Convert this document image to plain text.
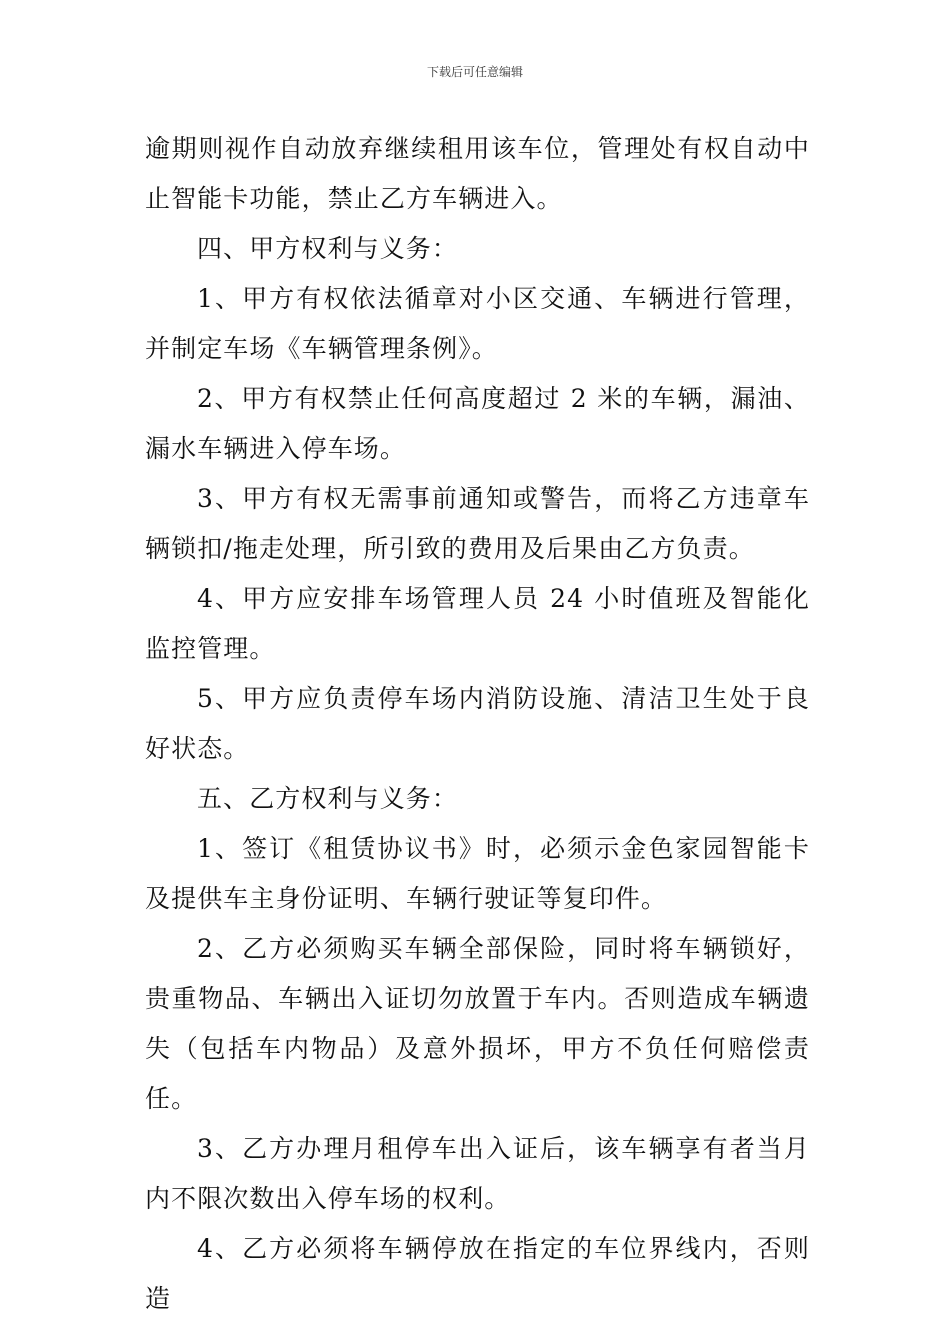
下载后可任意编辑

逾期则视作自动放弃继续租用该车位，管理处有权自动中止智能卡功能，禁止乙方车辆进入。

四、甲方权利与义务：

1、甲方有权依法循章对小区交通、车辆进行管理，并制定车场《车辆管理条例》。

2、甲方有权禁止任何高度超过 2 米的车辆，漏油、漏水车辆进入停车场。

3、甲方有权无需事前通知或警告，而将乙方违章车辆锁扣/拖走处理，所引致的费用及后果由乙方负责。

4、甲方应安排车场管理人员 24 小时值班及智能化监控管理。

5、甲方应负责停车场内消防设施、清洁卫生处于良好状态。

五、乙方权利与义务：

1、签订《租赁协议书》时，必须示金色家园智能卡及提供车主身份证明、车辆行驶证等复印件。

2、乙方必须购买车辆全部保险，同时将车辆锁好，贵重物品、车辆出入证切勿放置于车内。否则造成车辆遗失（包括车内物品）及意外损坏，甲方不负任何赔偿责任。

3、乙方办理月租停车出入证后，该车辆享有者当月内不限次数出入停车场的权利。

4、乙方必须将车辆停放在指定的车位界线内，否则造
